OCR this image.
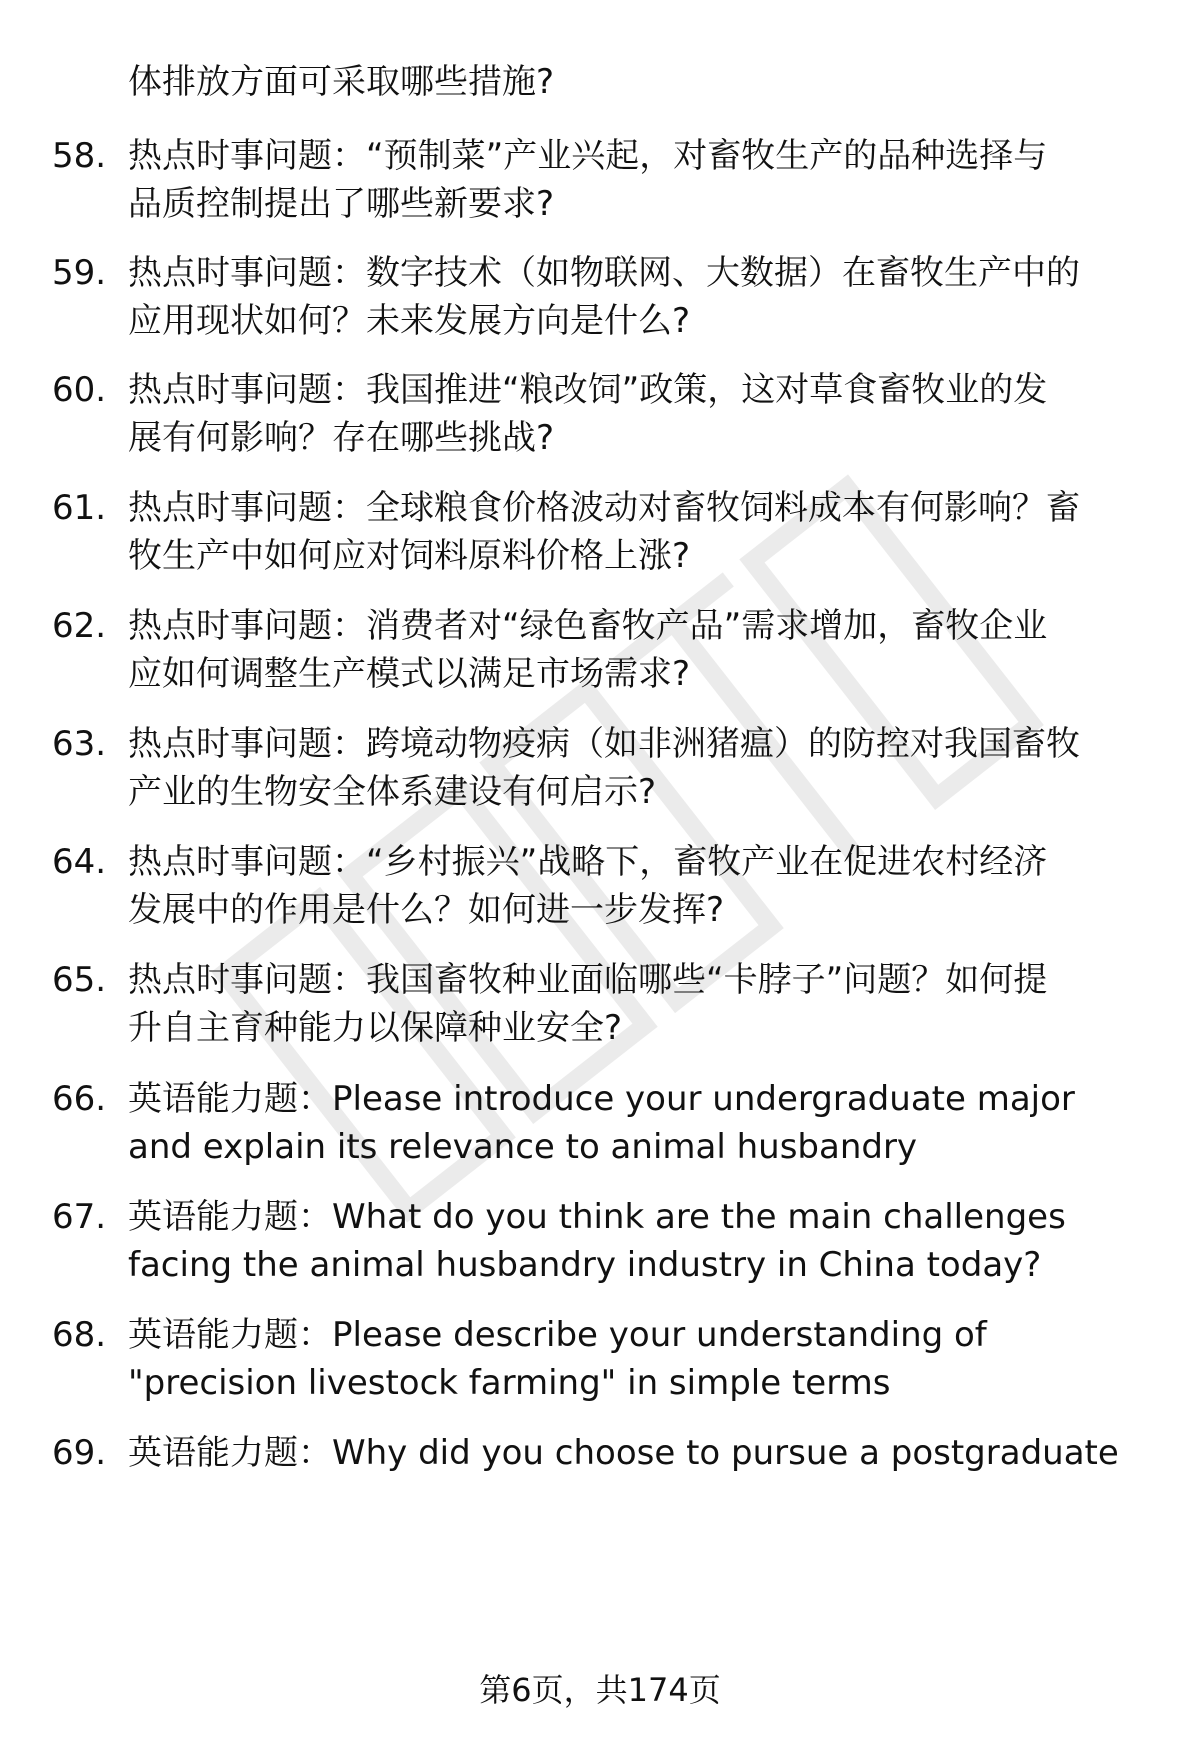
体排放方面可采取哪些措施?
58. 热点时事问题：“预制菜”产业兴起，对畜牧生产的品种选择与
品质控制提出了哪些新要求?
59. 热点时事问题：数字技术（如物联网、大数据）在畜牧生产中的
应用现状如何？未来发展方向是什么?
60. 热点时事问题：我国推进“粮改饲”政策，这对草食畜牧业的发
展有何影响？存在哪些挑战?
61. 热点时事问题：全球粮食价格波动对畜牧饲料成本有何影响？畜
牧生产中如何应对饲料原料价格上涨?
62. 热点时事问题：消费者对“绿色畜牧产品”需求增加，畜牧企业
应如何调整生产模式以满足市场需求?
63. 热点时事问题：跨境动物疫病（如非洲猪瘟）的防控对我国畜牧
产业的生物安全体系建设有何启示?
64. 热点时事问题：“乡村振兴”战略下，畜牧产业在促进农村经济
发展中的作用是什么？如何进一步发挥?
65. 热点时事问题：我国畜牧种业面临哪些“卡脖子”问题？如何提
升自主育种能力以保障种业安全?
66. 英语能力题：Please introduce your undergraduate major
and explain its relevance to animal husbandry
67. 英语能力题：What do you think are the main challenges
facing the animal husbandry industry in China today?
68. 英语能力题：Please describe your understanding of
"precision livestock farming" in simple terms
69. 英语能力题：Why did you choose to pursue a postgraduate
第6页，共174页
